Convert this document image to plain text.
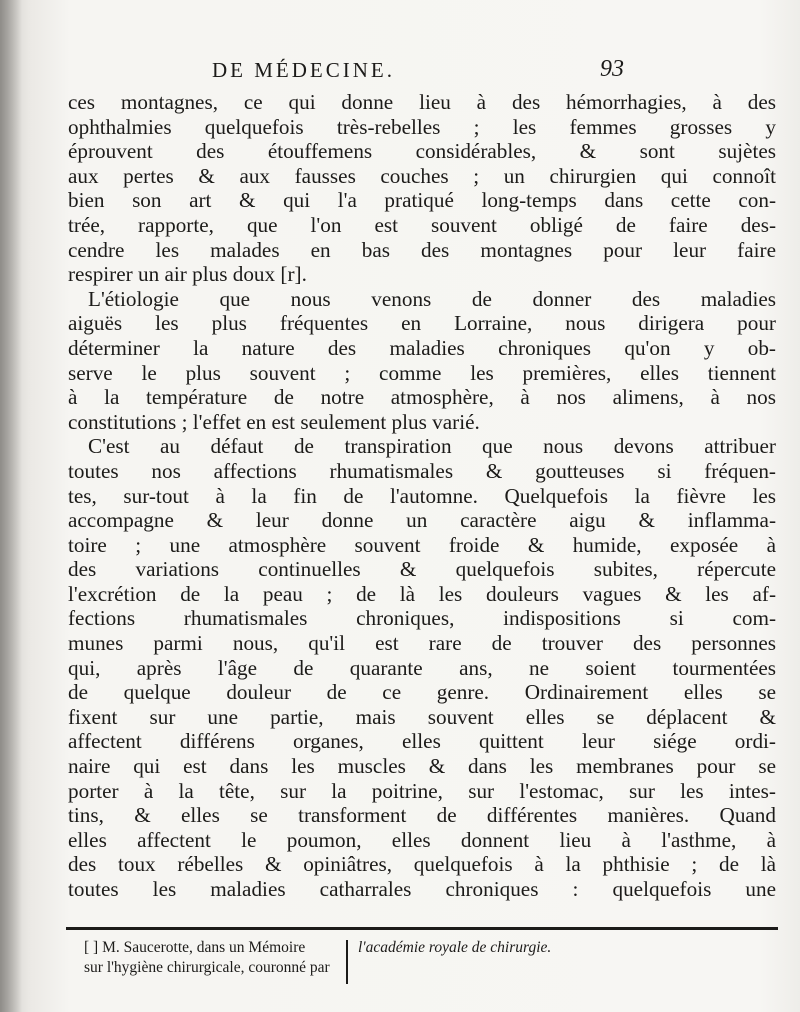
DE MÉDECINE.	93
ces montagnes, ce qui donne lieu à des hémorrhagies, à des
ophthalmies quelquefois très-rebelles ; les femmes grosses y
éprouvent des étouffemens considérables, & sont sujètes
aux pertes & aux fausses couches ; un chirurgien qui connoît
bien son art & qui l'a pratiqué long-temps dans cette con-
trée, rapporte, que l'on est souvent obligé de faire des-
cendre les malades en bas des montagnes pour leur faire
respirer un air plus doux [r].
L'étiologie que nous venons de donner des maladies
aiguës les plus fréquentes en Lorraine, nous dirigera pour
déterminer la nature des maladies chroniques qu'on y ob-
serve le plus souvent ; comme les premières, elles tiennent
à la température de notre atmosphère, à nos alimens, à nos
constitutions ; l'effet en est seulement plus varié.
C'est au défaut de transpiration que nous devons attribuer
toutes nos affections rhumatismales & goutteuses si fréquen-
tes, sur-tout à la fin de l'automne. Quelquefois la fièvre les
accompagne & leur donne un caractère aigu & inflamma-
toire ; une atmosphère souvent froide & humide, exposée à
des variations continuelles & quelquefois subites, répercute
l'excrétion de la peau ; de là les douleurs vagues & les af-
fections rhumatismales chroniques, indispositions si com-
munes parmi nous, qu'il est rare de trouver des personnes
qui, après l'âge de quarante ans, ne soient tourmentées
de quelque douleur de ce genre. Ordinairement elles se
fixent sur une partie, mais souvent elles se déplacent &
affectent différens organes, elles quittent leur siége ordi-
naire qui est dans les muscles & dans les membranes pour se
porter à la tête, sur la poitrine, sur l'estomac, sur les intes-
tins, & elles se transforment de différentes manières. Quand
elles affectent le poumon, elles donnent lieu à l'asthme, à
des toux rébelles & opiniâtres, quelquefois à la phthisie ; de là
toutes les maladies catharrales chroniques : quelquefois une
[ ] M. Saucerotte, dans un Mémoire
sur l'hygiène chirurgicale, couronné par
l'académie royale de chirurgie.
